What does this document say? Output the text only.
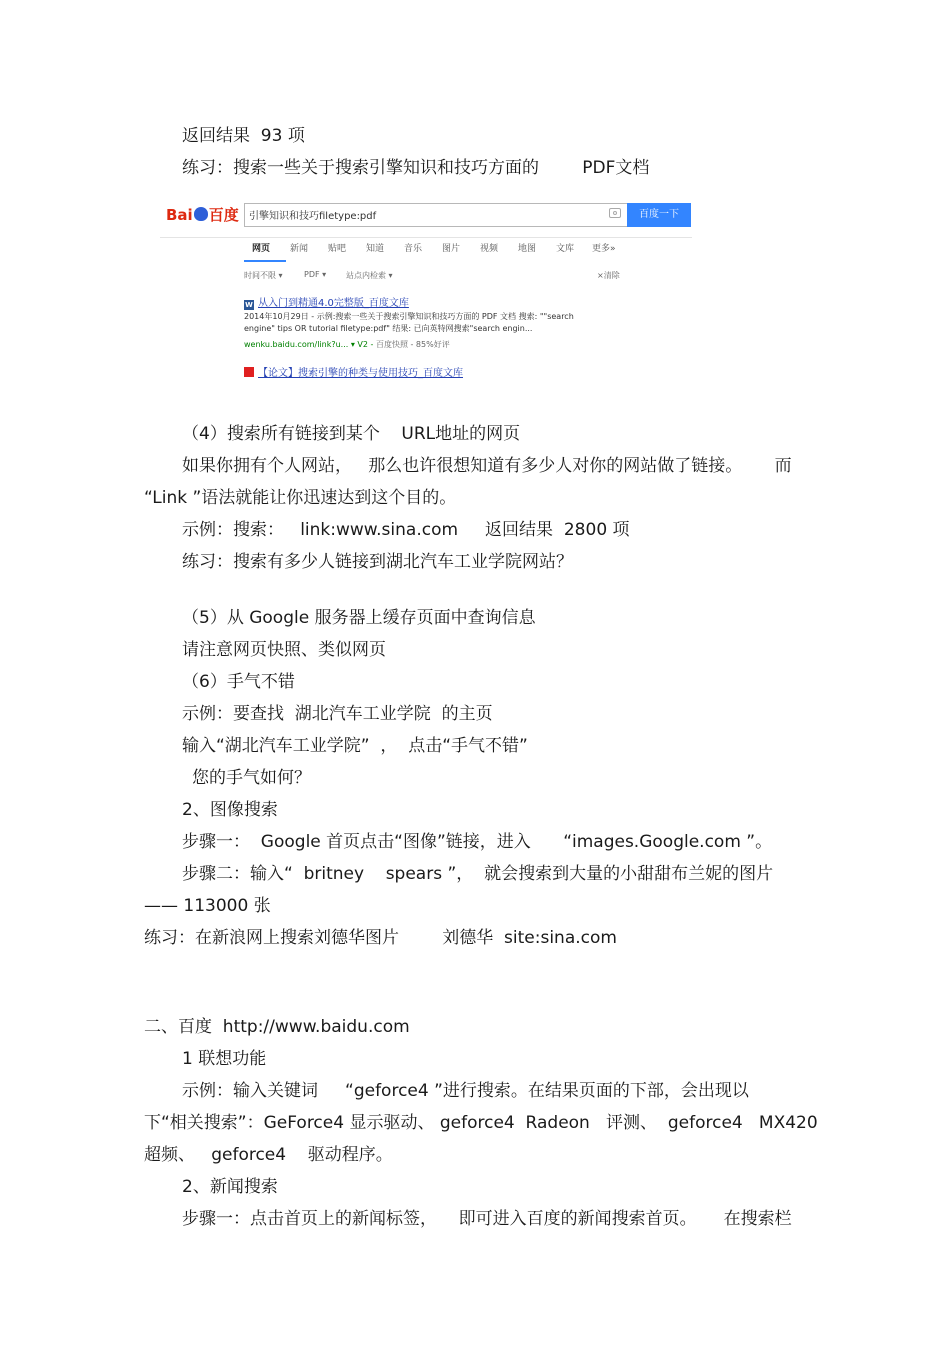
返回结果  93 项
练习：搜索一些关于搜索引擎知识和技巧方面的        PDF文档
Bai 百度
引擎知识和技巧filetype:pdf	百度一下
网页 新闻 贴吧 知道 音乐 图片 视频 地图 文库 更多»
时间不限 ▾	PDF ▾ 站点内检索 ▾	×清除
W 从入门到精通4.0完整版_百度文库
2014年10月29日 - 示例:搜索一些关于搜索引擎知识和技巧方面的 PDF 文档 搜索: ""search
engine" tips OR tutorial filetype:pdf" 结果: 已向英特网搜索"search engin...
wenku.baidu.com/link?u... ▾ V2 - 百度快照 - 85%好评
【论文】搜索引擎的种类与使用技巧_百度文库
（4）搜索所有链接到某个    URL地址的网页
如果你拥有个人网站，   那么也许很想知道有多少人对你的网站做了链接。      而
“Link ”语法就能让你迅速达到这个目的。
示例：搜索：   link:www.sina.com     返回结果  2800 项
练习：搜索有多少人链接到湖北汽车工业学院网站？
（5）从 Google 服务器上缓存页面中查询信息
请注意网页快照、类似网页
（6）手气不错
示例：要查找  湖北汽车工业学院  的主页
输入“湖北汽车工业学院”  ，  点击“手气不错”
您的手气如何？
2、图像搜索
步骤一：  Google 首页点击“图像”链接，进入      “images.Google.com ”。
步骤二：输入“  britney    spears ”，  就会搜索到大量的小甜甜布兰妮的图片
—— 113000 张
练习：在新浪网上搜索刘德华图片        刘德华  site:sina.com
二、百度  http://www.baidu.com
1 联想功能
示例：输入关键词     “geforce4 ”进行搜索。在结果页面的下部，会出现以
下“相关搜索”：GeForce4 显示驱动、 geforce4  Radeon   评测、  geforce4   MX420
超频、   geforce4    驱动程序。
2、新闻搜索
步骤一：点击首页上的新闻标签，    即可进入百度的新闻搜索首页。     在搜索栏
